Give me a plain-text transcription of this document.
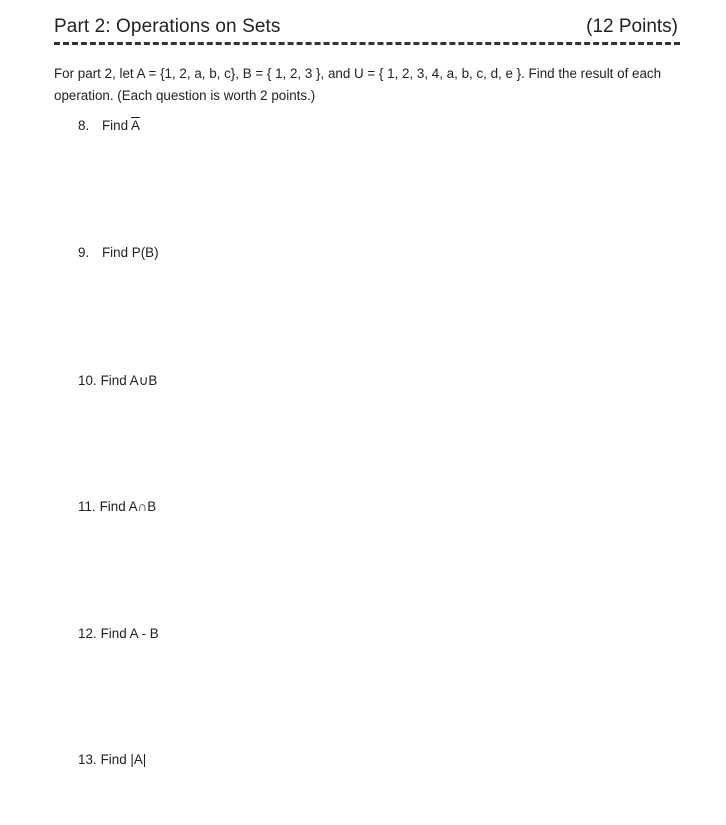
Part 2: Operations on Sets	(12 Points)
For part 2, let A = {1, 2, a, b, c}, B = { 1, 2, 3 }, and U = { 1, 2, 3, 4, a, b, c, d, e }. Find the result of each operation. (Each question is worth 2 points.)
8. Find $\overline{A}$
9. Find P(B)
10. Find A∪B
11. Find A∩B
12. Find A - B
13. Find |A|
